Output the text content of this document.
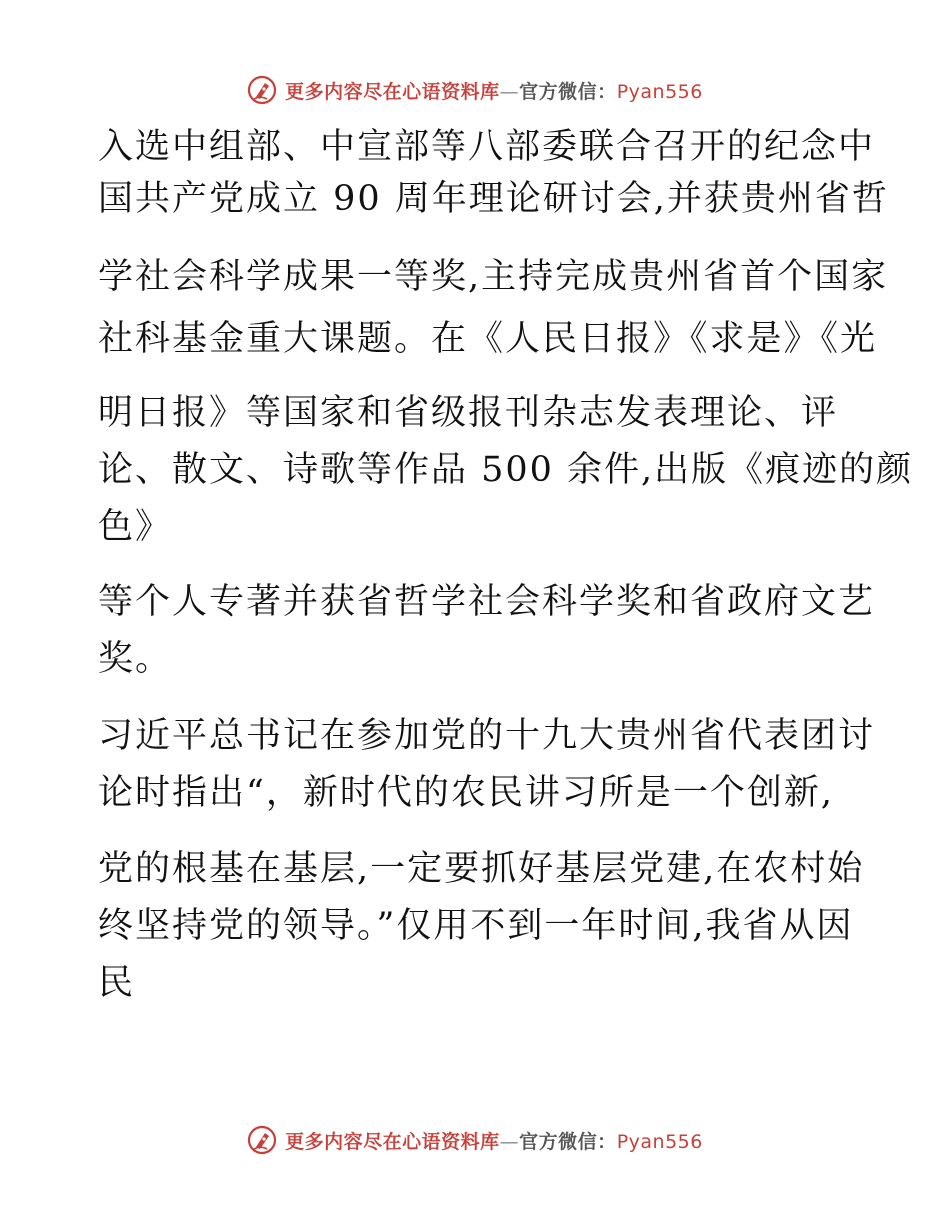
更多内容尽在心语资料库—官方微信：Pyan556
入选中组部、中宣部等八部委联合召开的纪念中
国共产党成立 90 周年理论研讨会,并获贵州省哲
学社会科学成果一等奖,主持完成贵州省首个国家
社科基金重大课题。在《人民日报》《求是》《光
明日报》等国家和省级报刊杂志发表理论、评
论、散文、诗歌等作品 500 余件,出版《痕迹的颜
色》
等个人专著并获省哲学社会科学奖和省政府文艺
奖。
习近平总书记在参加党的十九大贵州省代表团讨
论时指出“，新时代的农民讲习所是一个创新,
党的根基在基层,一定要抓好基层党建,在农村始
终坚持党的领导。”仅用不到一年时间,我省从因
民
更多内容尽在心语资料库—官方微信：Pyan556
